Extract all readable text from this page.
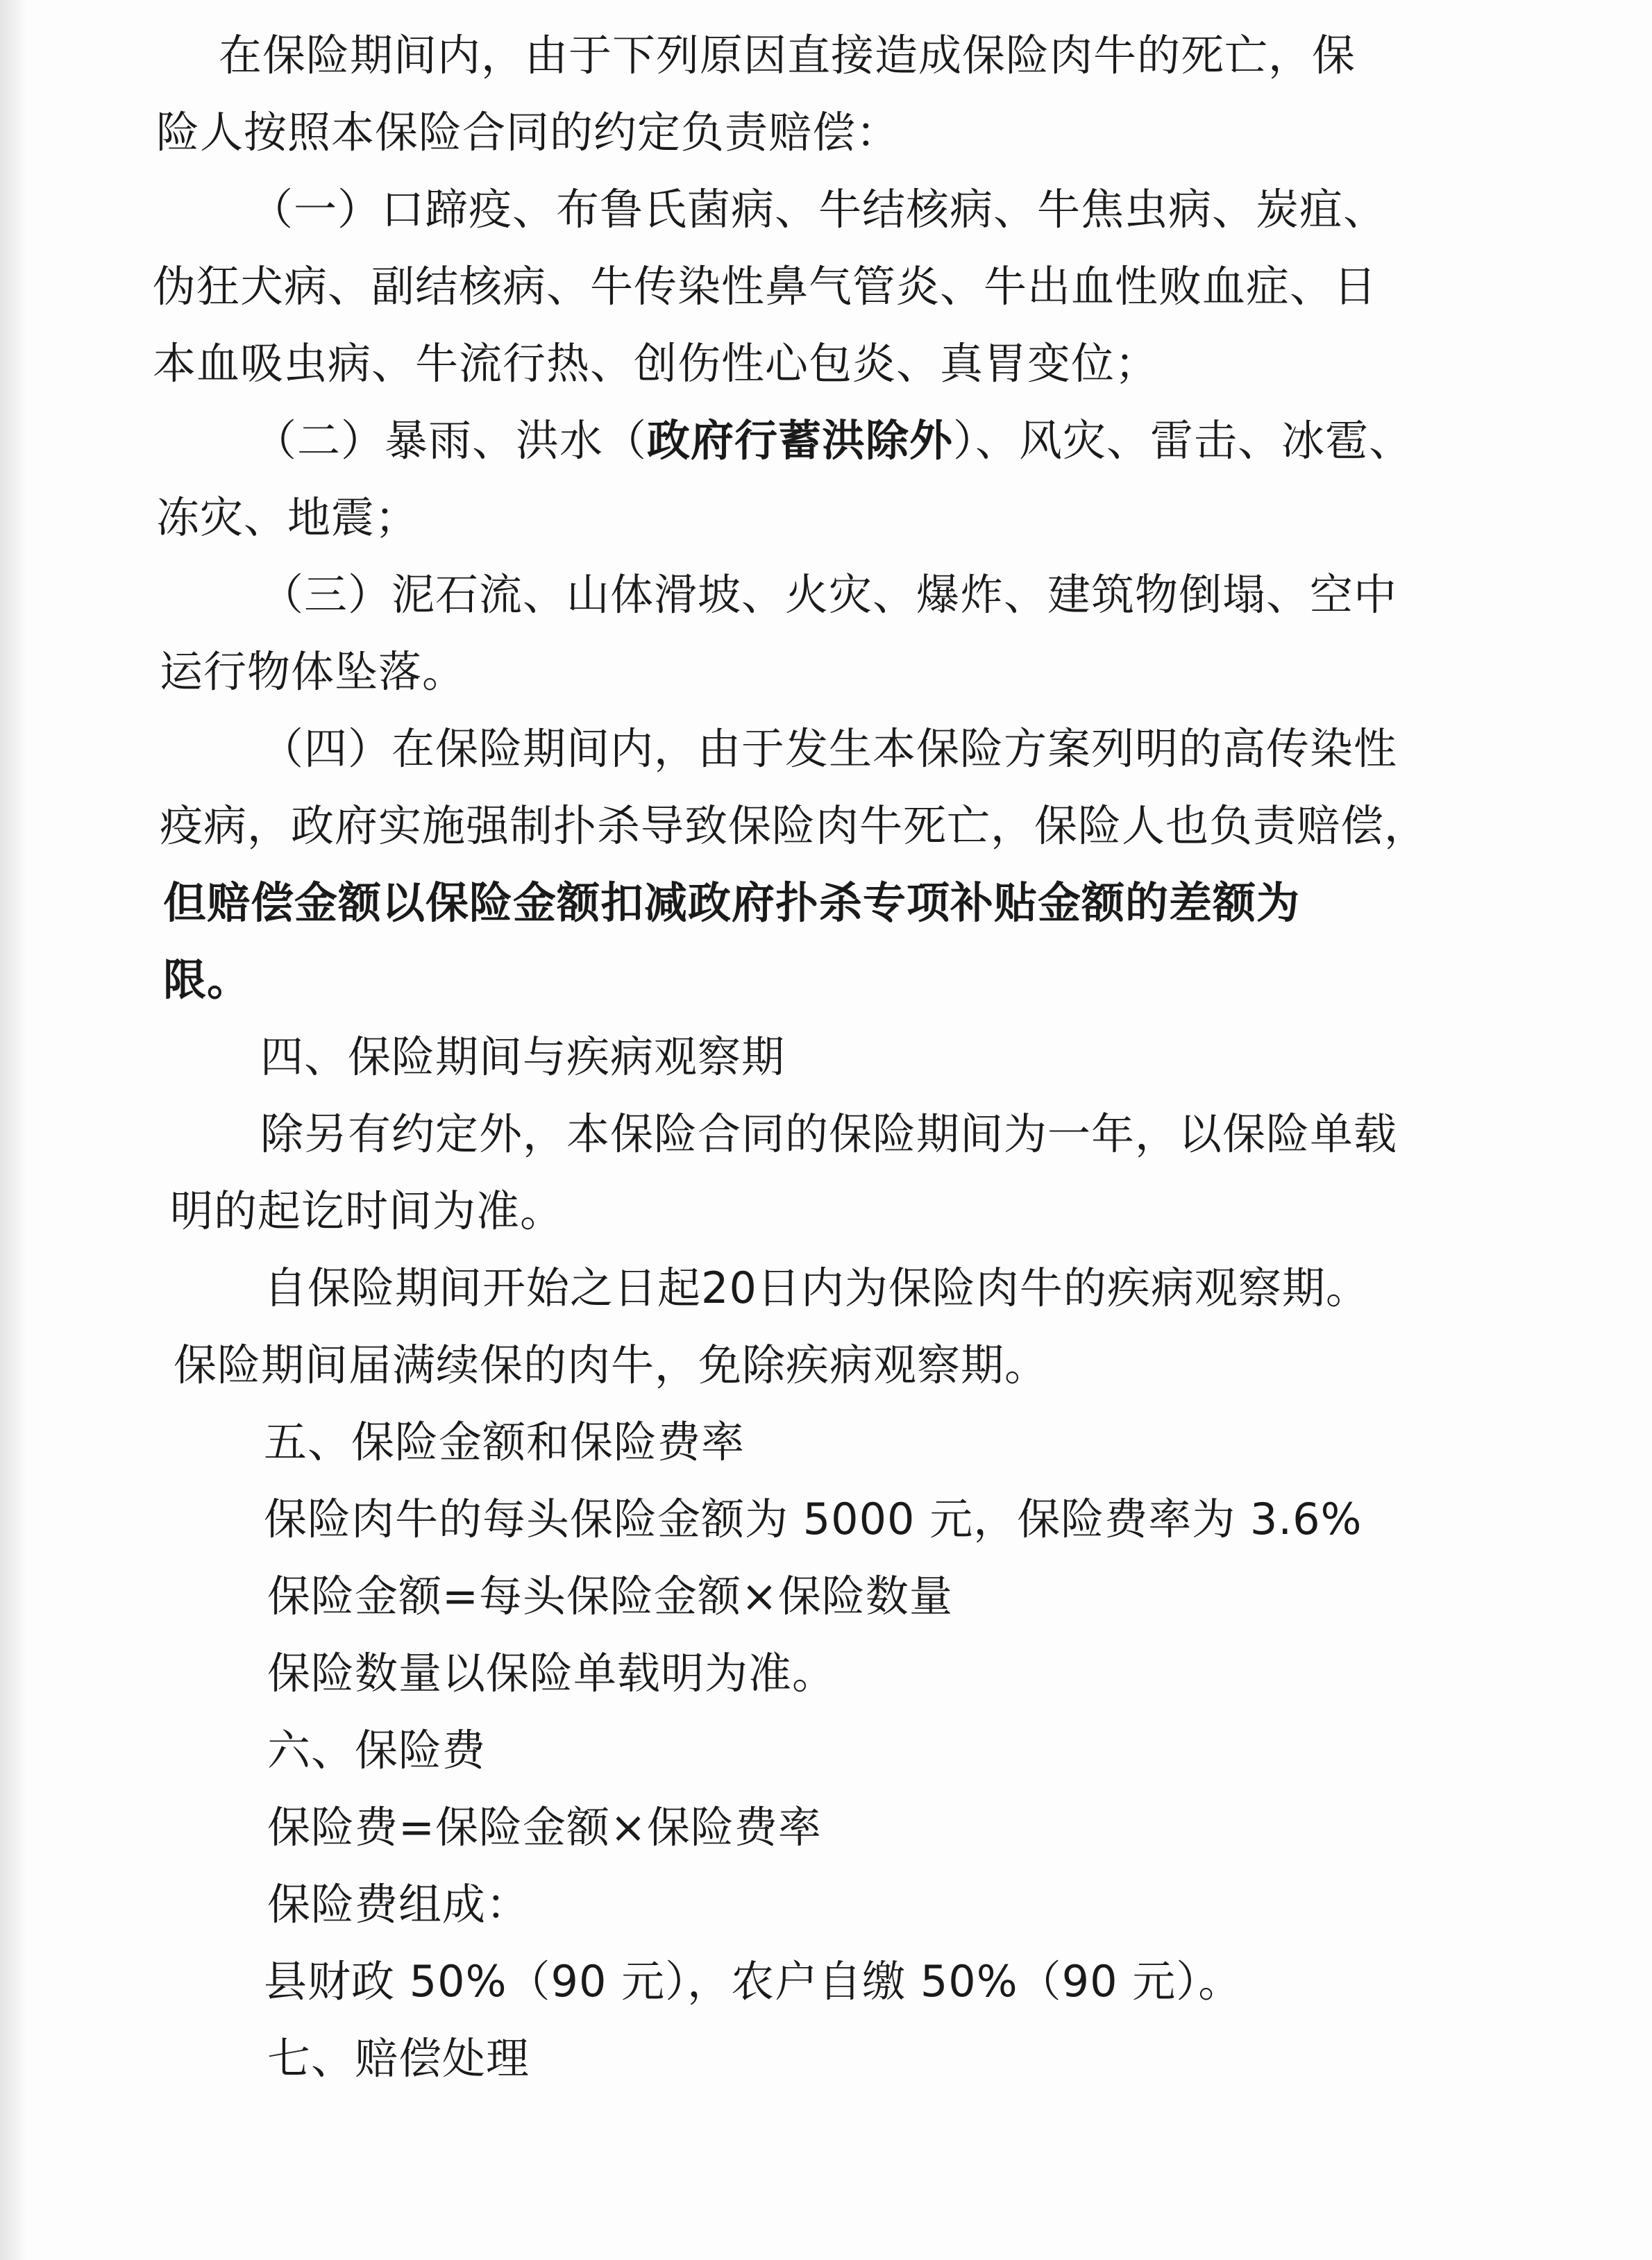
在保险期间内，由于下列原因直接造成保险肉牛的死亡，保
险人按照本保险合同的约定负责赔偿：
（一）口蹄疫、布鲁氏菌病、牛结核病、牛焦虫病、炭疽、
伪狂犬病、副结核病、牛传染性鼻气管炎、牛出血性败血症、日
本血吸虫病、牛流行热、创伤性心包炎、真胃变位；
（二）暴雨、洪水（政府行蓄洪除外）、风灾、雷击、冰雹、
冻灾、地震；
（三）泥石流、山体滑坡、火灾、爆炸、建筑物倒塌、空中
运行物体坠落。
（四）在保险期间内，由于发生本保险方案列明的高传染性
疫病，政府实施强制扑杀导致保险肉牛死亡，保险人也负责赔偿，
但赔偿金额以保险金额扣减政府扑杀专项补贴金额的差额为
限。
四、保险期间与疾病观察期
除另有约定外，本保险合同的保险期间为一年，以保险单载
明的起讫时间为准。
自保险期间开始之日起20日内为保险肉牛的疾病观察期。
保险期间届满续保的肉牛，免除疾病观察期。
五、保险金额和保险费率
保险肉牛的每头保险金额为 5000 元，保险费率为 3.6%
保险金额=每头保险金额×保险数量
保险数量以保险单载明为准。
六、保险费
保险费=保险金额×保险费率
保险费组成：
县财政 50%（90 元），农户自缴 50%（90 元）。
七、赔偿处理
